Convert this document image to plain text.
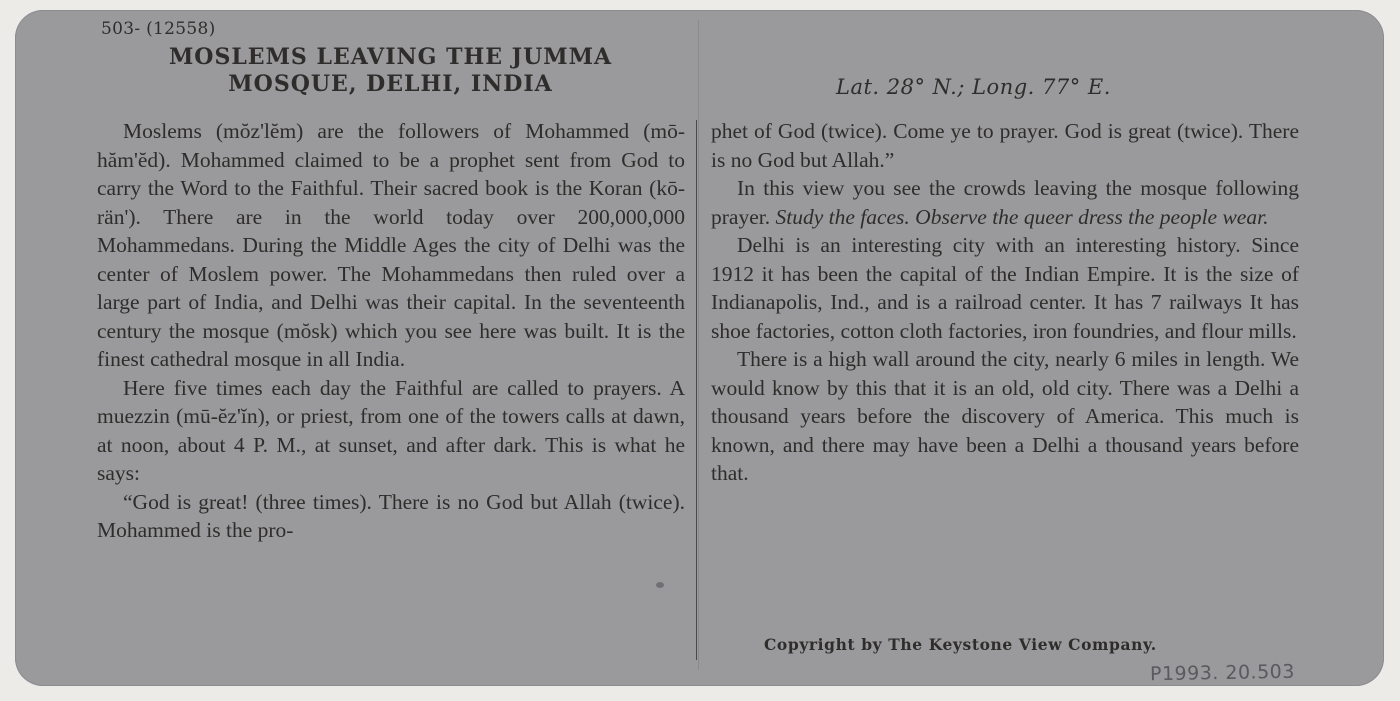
503- (12558)
MOSLEMS LEAVING THE JUMMA
MOSQUE, DELHI, INDIA	Lat. 28° N.; Long. 77° E.

Moslems (mŏz'lĕm) are the followers of Mohammed (mō-hăm'ĕd). Mohammed claimed to be a prophet sent from God to carry the Word to the Faithful. Their sacred book is the Koran (kō-rän'). There are in the world today over 200,000,000 Mohammedans. During the Middle Ages the city of Delhi was the center of Moslem power. The Mohammedans then ruled over a large part of India, and Delhi was their capital. In the seventeenth century the mosque (mŏsk) which you see here was built. It is the finest cathedral mosque in all India.

Here five times each day the Faithful are called to prayers. A muezzin (mū-ĕz'ĭn), or priest, from one of the towers calls at dawn, at noon, about 4 P. M., at sunset, and after dark. This is what he says:

“God is great! (three times). There is no God but Allah (twice). Mohammed is the pro-

phet of God (twice). Come ye to prayer. God is great (twice). There is no God but Allah.”

In this view you see the crowds leaving the mosque following prayer. Study the faces. Observe the queer dress the people wear.

Delhi is an interesting city with an interesting history. Since 1912 it has been the capital of the Indian Empire. It is the size of Indianapolis, Ind., and is a railroad center. It has 7 railways It has shoe factories, cotton cloth factories, iron foundries, and flour mills.

There is a high wall around the city, nearly 6 miles in length. We would know by this that it is an old, old city. There was a Delhi a thousand years before the discovery of America. This much is known, and there may have been a Delhi a thousand years before that.

Copyright by The Keystone View Company.
P1993. 20.503
